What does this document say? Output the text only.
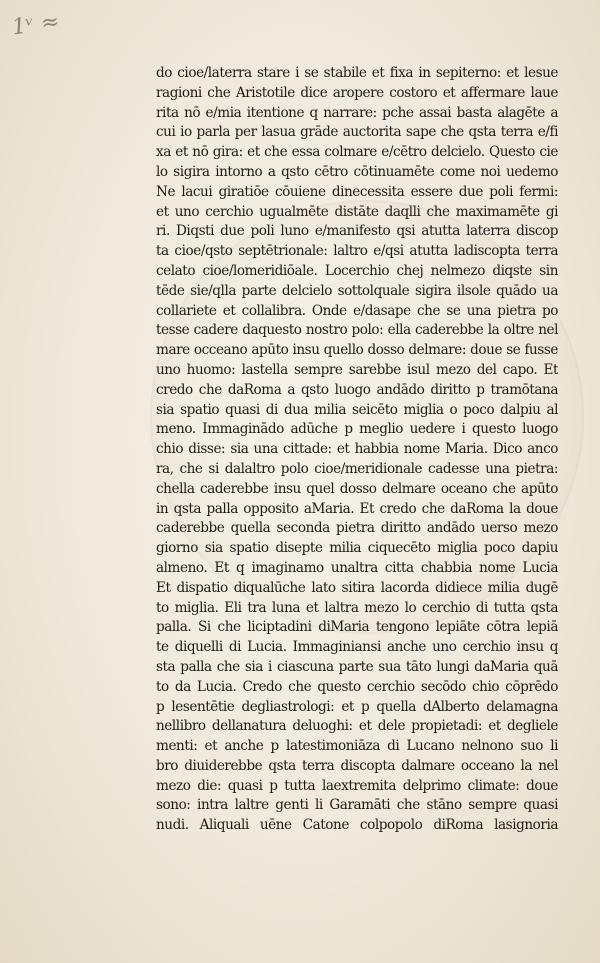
1ᵛ ≈
do cioe/laterra stare i se stabile et fixa in sepiterno: et lesue
ragioni che Aristotile dice aropere costoro et affermare laue
rita nō e/mia itentione q narrare: pche assai basta alagēte a
cui io parla per lasua grāde auctorita sape che qsta terra e/fi
xa et nō gira: et che essa colmare e/cētro delcielo. Questo cie
lo sigira intorno a qsto cētro cōtinuamēte come noi uedemo
Ne lacui giratiōe cōuiene dinecessita essere due poli fermi:
et uno cerchio ugualmēte distāte daqlli che maximamēte gi
ri. Diqsti due poli luno e/manifesto qsi atutta laterra discop
ta cioe/qsto septētrionale: laltro e/qsi atutta ladiscopta terra
celato cioe/lomeridiōale. Locerchio chej nelmezo diqste sin
tēde sie/qlla parte delcielo sottolquale sigira ilsole quādo ua
collariete et collalibra. Onde e/dasape che se una pietra po
tesse cadere daquesto nostro polo: ella caderebbe la oltre nel
mare occeano apūto insu quello dosso delmare: doue se fusse
uno huomo: lastella sempre sarebbe isul mezo del capo. Et
credo che daRoma a qsto luogo andādo diritto p tramōtana
sia spatio quasi di dua milia seicēto miglia o poco dalpiu al
meno. Immaginādo adūche p meglio uedere i questo luogo
chio disse: sia una cittade: et habbia nome Maria. Dico anco
ra, che si dalaltro polo cioe/meridionale cadesse una pietra:
chella caderebbe insu quel dosso delmare oceano che apūto
in qsta palla opposito aMaria. Et credo che daRoma la doue
caderebbe quella seconda pietra diritto andādo uerso mezo
giorno sia spatio disepte milia ciquecēto miglia poco dapiu
almeno. Et q imaginamo unaltra citta chabbia nome Lucia
Et dispatio diqualūche lato sitira lacorda didiece milia dugē
to miglia. Eli tra luna et laltra mezo lo cerchio di tutta qsta
palla. Si che liciptadini diMaria tengono lepiāte cōtra lepiā
te diquelli di Lucia. Immaginiansi anche uno cerchio insu q
sta palla che sia i ciascuna parte sua tāto lungi daMaria quā
to da Lucia. Credo che questo cerchio secōdo chio cōprēdo
p lesentētie degliastrologi: et p quella dAlberto delamagna
nellibro dellanatura deluoghi: et dele propietadi: et degliele
menti: et anche p latestimoniāza di Lucano nelnono suo li
bro diuiderebbe qsta terra discopta dalmare occeano la nel
mezo die: quasi p tutta laextremita delprimo climate: doue
sono: intra laltre genti li Garamāti che stāno sempre quasi
nudi. Aliquali uēne Catone colpopolo diRoma lasignoria
